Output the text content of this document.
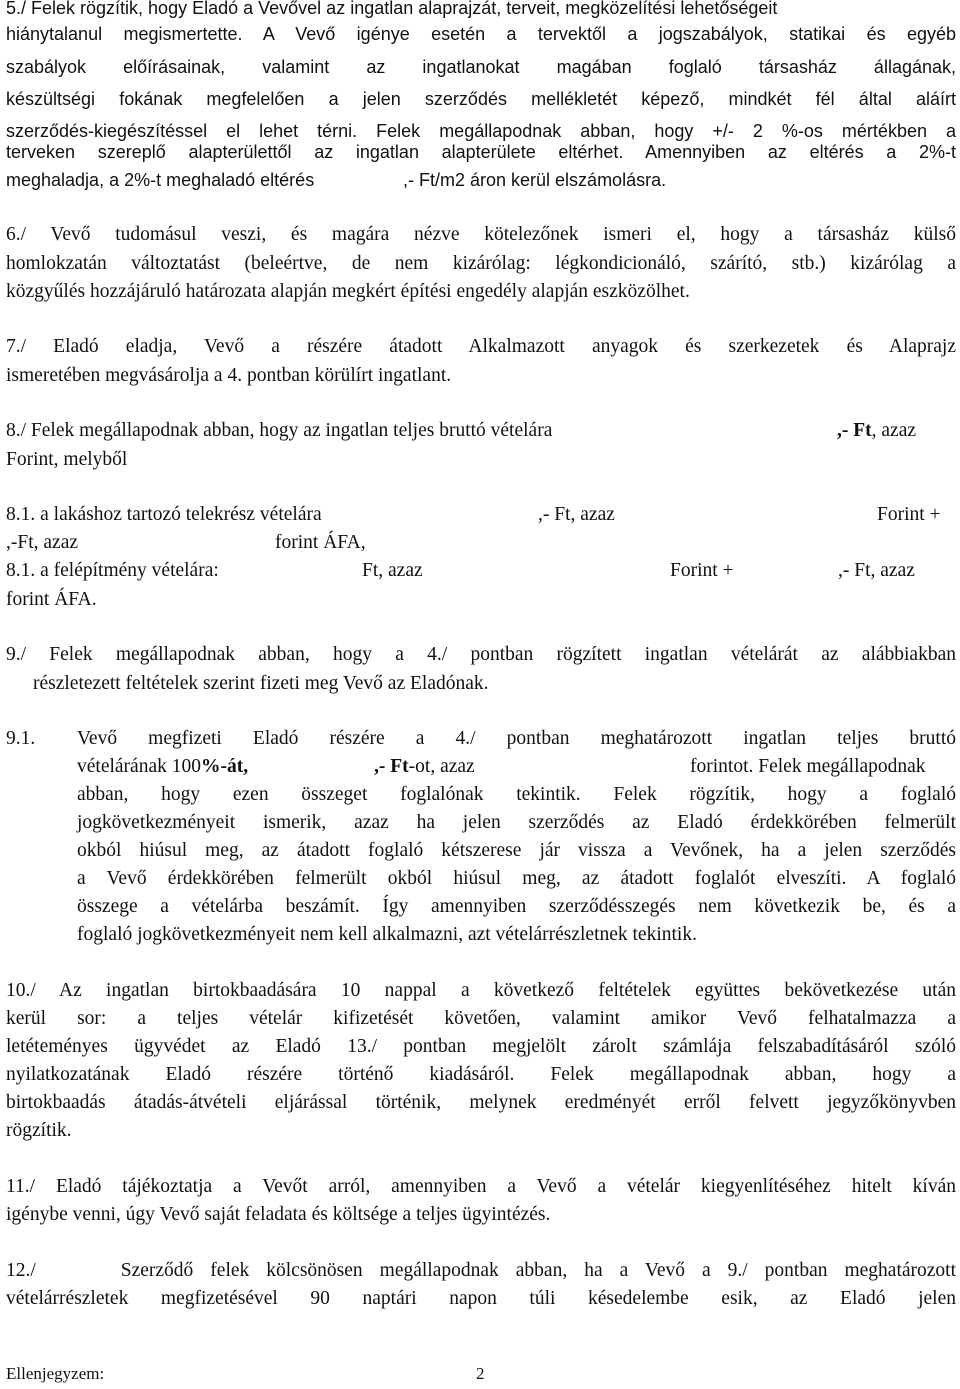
5./ Felek rögzítik, hogy Eladó a Vevővel az ingatlan alaprajzát, terveit, megközelítési lehetőségeit
hiánytalanul megismertette. A Vevő igénye esetén a tervektől a jogszabályok, statikai és egyéb
szabályok előírásainak, valamint az ingatlanokat magában foglaló társasház állagának,
készültségi fokának megfelelően a jelen szerződés mellékletét képező, mindkét fél által aláírt
szerződés-kiegészítéssel el lehet térni. Felek megállapodnak abban, hogy +/- 2 %-os mértékben a
terveken szereplő alapterülettől az ingatlan alapterülete eltérhet. Amennyiben az eltérés a 2%-t
meghaladja, a 2%-t meghaladó eltérés	,- Ft/m2 áron kerül elszámolásra.
6./ Vevő tudomásul veszi, és magára nézve kötelezőnek ismeri el, hogy a társasház külső
homlokzatán változtatást (beleértve, de nem kizárólag: légkondicionáló, szárító, stb.) kizárólag a
közgyűlés hozzájáruló határozata alapján megkért építési engedély alapján eszközölhet.
7./ Eladó eladja, Vevő a részére átadott Alkalmazott anyagok és szerkezetek és Alaprajz
ismeretében megvásárolja a 4. pontban körülírt ingatlant.
8./ Felek megállapodnak abban, hogy az ingatlan teljes bruttó vételára	,- Ft, azaz
Forint, melyből
8.1. a lakáshoz tartozó telekrész vételára	,- Ft, azaz	Forint +
,-Ft, azaz	forint ÁFA,
8.1. a felépítmény vételára:	Ft, azaz	Forint +	,- Ft, azaz
forint ÁFA.
9./ Felek megállapodnak abban, hogy a 4./ pontban rögzített ingatlan vételárát az alábbiakban
részletezett feltételek szerint fizeti meg Vevő az Eladónak.
9.1. Vevő megfizeti Eladó részére a 4./ pontban meghatározott ingatlan teljes bruttó
vételárának 100%-át,	,- Ft-ot, azaz	forintot. Felek megállapodnak
abban, hogy ezen összeget foglalónak tekintik. Felek rögzítik, hogy a foglaló
jogkövetkezményeit ismerik, azaz ha jelen szerződés az Eladó érdekkörében felmerült
okból hiúsul meg, az átadott foglaló kétszerese jár vissza a Vevőnek, ha a jelen szerződés
a Vevő érdekkörében felmerült okból hiúsul meg, az átadott foglalót elveszíti. A foglaló
összege a vételárba beszámít. Így amennyiben szerződésszegés nem következik be, és a
foglaló jogkövetkezményeit nem kell alkalmazni, azt vételárrészletnek tekintik.
10./ Az ingatlan birtokbaadására 10 nappal a következő feltételek együttes bekövetkezése után
kerül sor: a teljes vételár kifizetését követően, valamint amikor Vevő felhatalmazza a
letéteményes ügyvédet az Eladó 13./ pontban megjelölt zárolt számlája felszabadításáról szóló
nyilatkozatának Eladó részére történő kiadásáról. Felek megállapodnak abban, hogy a
birtokbaadás átadás-átvételi eljárással történik, melynek eredményét erről felvett jegyzőkönyvben
rögzítik.
11./ Eladó tájékoztatja a Vevőt arról, amennyiben a Vevő a vételár kiegyenlítéséhez hitelt kíván
igénybe venni, úgy Vevő saját feladata és költsége a teljes ügyintézés.
12./     Szerződő felek kölcsönösen megállapodnak abban, ha a Vevő a 9./ pontban meghatározott
vételárrészletek megfizetésével 90 naptári napon túli késedelembe esik, az Eladó jelen
Ellenjegyzem:	2
